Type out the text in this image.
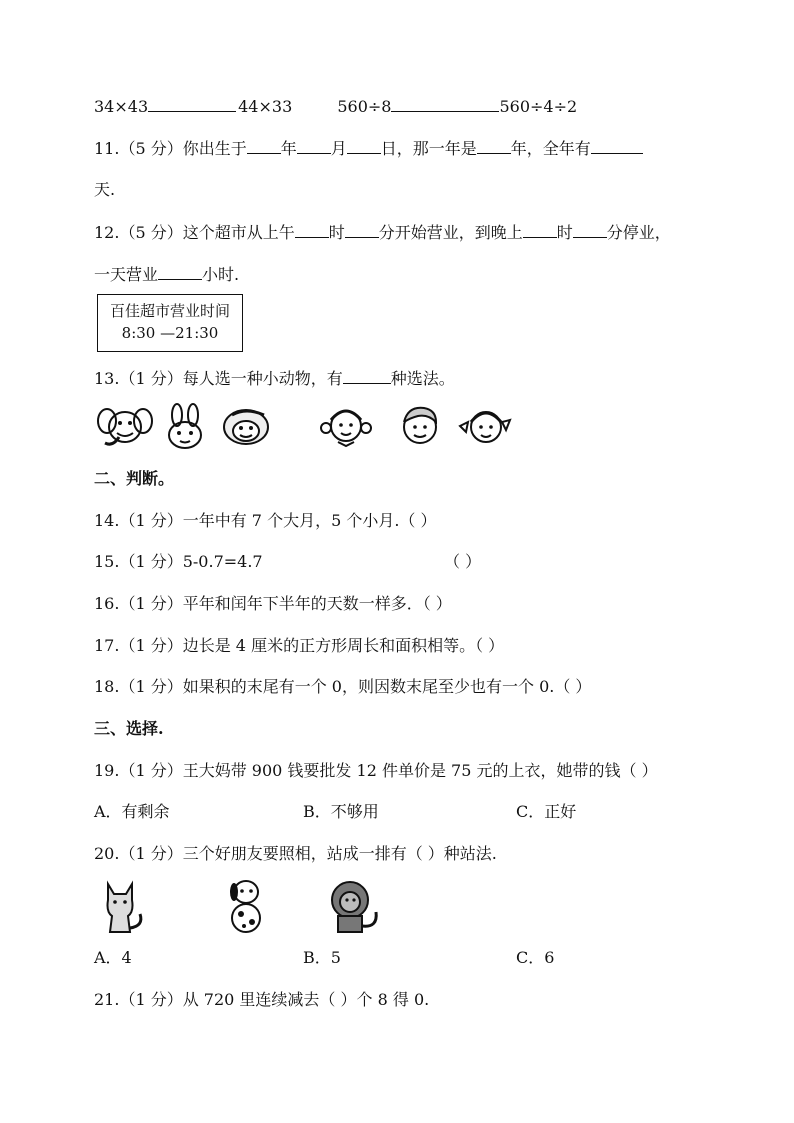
34×43	44×33	560÷8	560÷4÷2
11.（5 分）你出生于 年 月 日，那一年是 年，全年有
天.
12.（5 分）这个超市从上午 时 分开始营业，到晚上 时 分停业，
一天营业	小时.
百佳超市营业时间
8:30 —21:30
13.（1 分）每人选一种小动物，有	种选法。
二、判断。
14.（1 分）一年中有 7 个大月，5 个小月.（ ）
15.（1 分）5-0.7=4.7	（ ）
16.（1 分）平年和闰年下半年的天数一样多．（ ）
17.（1 分）边长是 4 厘米的正方形周长和面积相等。（ ）
18.（1 分）如果积的末尾有一个 0，则因数末尾至少也有一个 0.（ ）
三、选择.
19.（1 分）王大妈带 900 钱要批发 12 件单价是 75 元的上衣，她带的钱（ ）
A．有剩余	B．不够用	C．正好
20.（1 分）三个好朋友要照相，站成一排有（ ）种站法.
A．4	B．5	C．6
21.（1 分）从 720 里连续减去（ ）个 8 得 0.
